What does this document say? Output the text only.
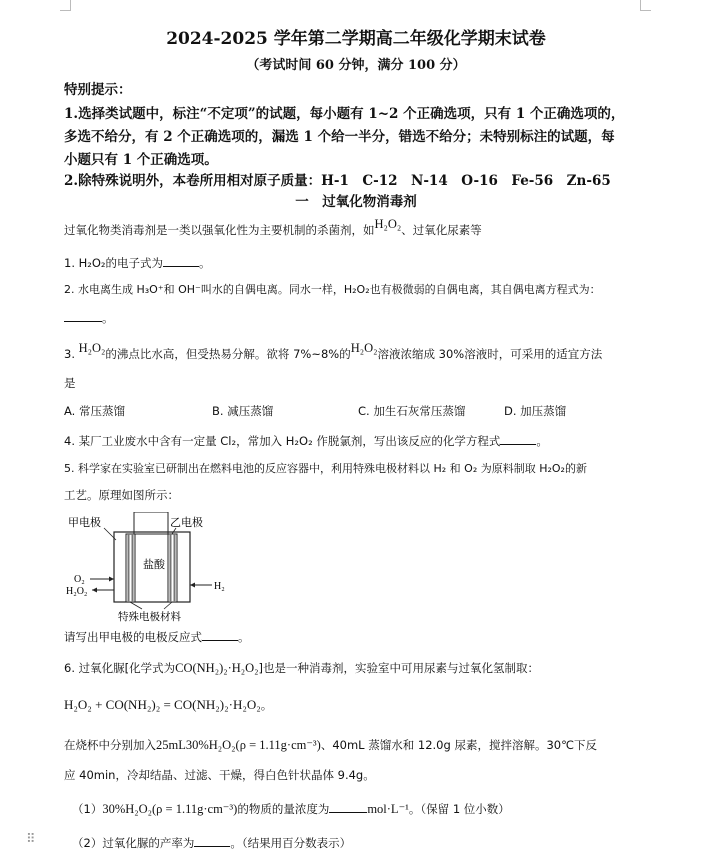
2024-2025 学年第二学期高二年级化学期末试卷
（考试时间 60 分钟，满分 100 分）
特别提示：
1.选择类试题中，标注“不定项”的试题，每小题有 1~2 个正确选项，只有 1 个正确选项的，
多选不给分，有 2 个正确选项的，漏选 1 个给一半分，错选不给分；未特别标注的试题，每
小题只有 1 个正确选项。
2.除特殊说明外，本卷所用相对原子质量：H-1　C-12　N-14　O-16　Fe-56　Zn-65
一　过氧化物消毒剂
过氧化物类消毒剂是一类以强氧化性为主要机制的杀菌剂，如H₂O₂、过氧化尿素等
1. H₂O₂的电子式为	。
2. 水电离生成 H₃O⁺和 OH⁻叫水的自偶电离。同水一样，H₂O₂也有极微弱的自偶电离，其自偶电离方程式为：
。
3. H₂O₂的沸点比水高，但受热易分解。欲将 7%~8%的H₂O₂溶液浓缩成 30%溶液时，可采用的适宜方法
是
A. 常压蒸馏	B. 减压蒸馏	C. 加生石灰常压蒸馏	D. 加压蒸馏
4. 某厂工业废水中含有一定量 Cl₂，常加入 H₂O₂ 作脱氯剂，写出该反应的化学方程式	。
5. 科学家在实验室已研制出在燃料电池的反应容器中，利用特殊电极材料以 H₂ 和 O₂ 为原料制取 H₂O₂的新
工艺。原理如图所示：
甲电极	乙电极
盐酸
O₂
H₂O₂	H₂
特殊电极材料
请写出甲电极的电极反应式	。
6. 过氧化脲[化学式为CO(NH₂)₂·H₂O₂]也是一种消毒剂，实验室中可用尿素与过氧化氢制取：
H₂O₂ + CO(NH₂)₂ = CO(NH₂)₂·H₂O₂。
在烧杯中分别加入25mL30%H₂O₂(ρ = 1.11g·cm⁻³)、40mL 蒸馏水和 12.0g 尿素，搅拌溶解。30℃下反
应 40min，冷却结晶、过滤、干燥，得白色针状晶体 9.4g。
（1）30%H₂O₂(ρ = 1.11g·cm⁻³)的物质的量浓度为	mol·L⁻¹。（保留 1 位小数）
（2）过氧化脲的产率为	。（结果用百分数表示）
⠿
